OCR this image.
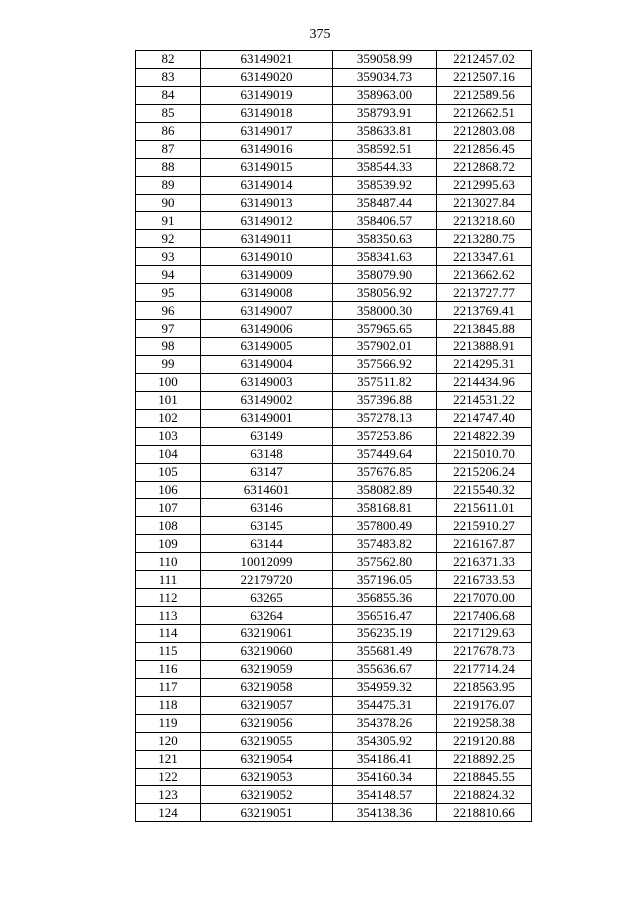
375
82	63149021	359058.99	2212457.02
83	63149020	359034.73	2212507.16
84	63149019	358963.00	2212589.56
85	63149018	358793.91	2212662.51
86	63149017	358633.81	2212803.08
87	63149016	358592.51	2212856.45
88	63149015	358544.33	2212868.72
89	63149014	358539.92	2212995.63
90	63149013	358487.44	2213027.84
91	63149012	358406.57	2213218.60
92	63149011	358350.63	2213280.75
93	63149010	358341.63	2213347.61
94	63149009	358079.90	2213662.62
95	63149008	358056.92	2213727.77
96	63149007	358000.30	2213769.41
97	63149006	357965.65	2213845.88
98	63149005	357902.01	2213888.91
99	63149004	357566.92	2214295.31
100	63149003	357511.82	2214434.96
101	63149002	357396.88	2214531.22
102	63149001	357278.13	2214747.40
103	63149	357253.86	2214822.39
104	63148	357449.64	2215010.70
105	63147	357676.85	2215206.24
106	6314601	358082.89	2215540.32
107	63146	358168.81	2215611.01
108	63145	357800.49	2215910.27
109	63144	357483.82	2216167.87
110	10012099	357562.80	2216371.33
111	22179720	357196.05	2216733.53
112	63265	356855.36	2217070.00
113	63264	356516.47	2217406.68
114	63219061	356235.19	2217129.63
115	63219060	355681.49	2217678.73
116	63219059	355636.67	2217714.24
117	63219058	354959.32	2218563.95
118	63219057	354475.31	2219176.07
119	63219056	354378.26	2219258.38
120	63219055	354305.92	2219120.88
121	63219054	354186.41	2218892.25
122	63219053	354160.34	2218845.55
123	63219052	354148.57	2218824.32
124	63219051	354138.36	2218810.66
